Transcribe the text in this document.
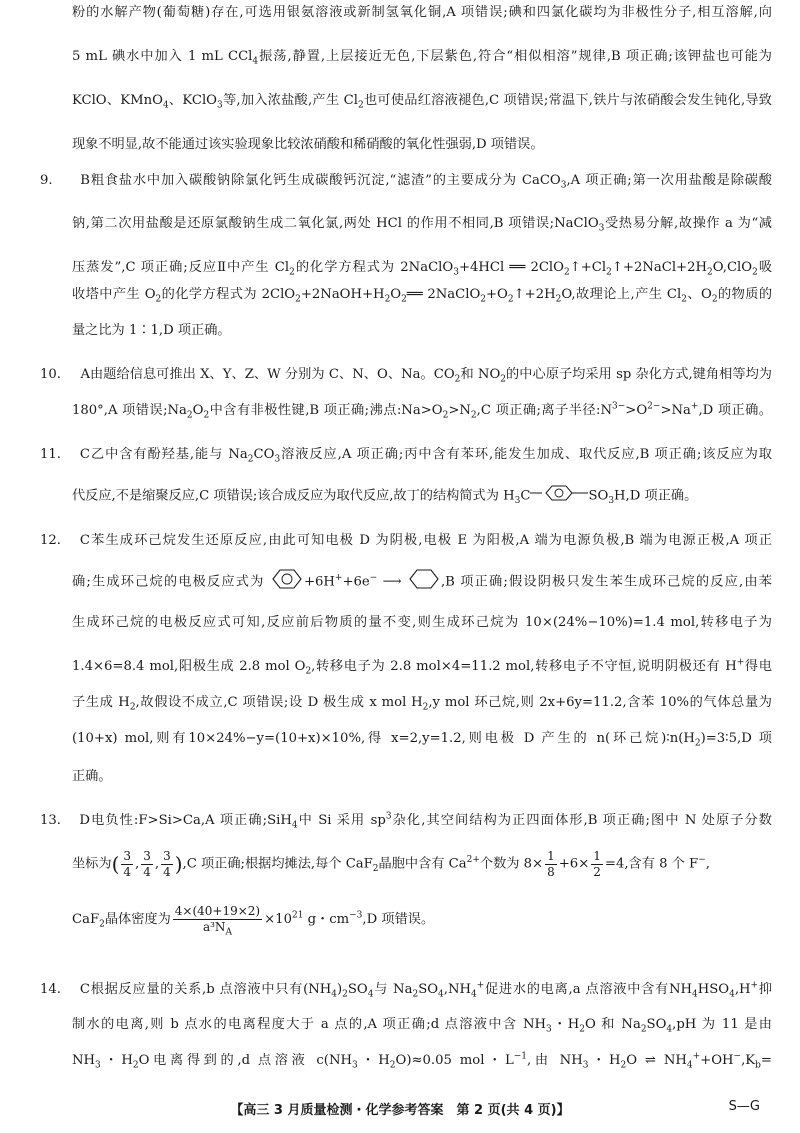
粉的水解产物(葡萄糖)存在,可选用银氨溶液或新制氢氧化铜,A 项错误;碘和四氯化碳均为非极性分子,相互溶解,向
5 mL 碘水中加入 1 mL CCl$_4$振荡,静置,上层接近无色,下层紫色,符合“相似相溶”规律,B 项正确;该钾盐也可能为
KClO、KMnO$_4$、KClO$_3$等,加入浓盐酸,产生 $Cl_2$也可使品红溶液褪色,C 项错误;常温下,铁片与浓硝酸会发生钝化,导致
现象不明显,故不能通过该实验现象比较浓硝酸和稀硝酸的氧化性强弱,D 项错误。
9. B粗食盐水中加入碳酸钠除氯化钙生成碳酸钙沉淀,“滤渣”的主要成分为 CaCO$_3$,A 项正确;第一次用盐酸是除碳酸
钠,第二次用盐酸是还原氯酸钠生成二氧化氯,两处 HCl 的作用不相同,B 项错误;NaClO$_3$受热易分解,故操作 a 为“减
压蒸发”,C 项正确;反应Ⅱ中产生 $Cl_2$的化学方程式为 2NaClO$_3$+4HCl ══ $2ClO_2↑+Cl_2↑+2NaCl+2H_2O,ClO_2$吸
收塔中产生 $O_2$的化学方程式为 $2ClO_2+2NaOH+H_2O_2══$ $2NaClO_2+O_2↑+2H_2O$,故理论上,产生 $Cl_2$、$O_2$的物质的
量之比为 1∶1,D 项正确。
10. A由题给信息可推出 X、Y、Z、W 分别为 C、N、O、Na。$CO_2$和 $NO_2$的中心原子均采用 sp 杂化方式,键角相等均为
180°,A 项错误$;Na_2O_2$中含有非极性键,B 项正确;沸点$:Na>O_2>N_2,C$ 项正确;离子半径$:N^{3-}>O^{2-}>Na^+,D$ 项正确。
11. C乙中含有酚羟基,能与 $Na_2CO_3$溶液反应,A 项正确;丙中含有苯环,能发生加成、取代反应,B 项正确;该反应为取
代反应,不是缩聚反应,C 项错误;该合成反应为取代反应,故丁的结构简式为 $H_3C$	$SO_3H,D$ 项正确。
12. C苯生成环己烷发生还原反应,由此可知电极 D 为阴极,电极 E 为阳极,A 端为电源负极,B 端为电源正极,A 项正
确;生成环己烷的电极反应式为	+6H++6e− ⟶	,B 项正确;假设阴极只发生苯生成环己烷的反应,由苯
生成环己烷的电极反应式可知,反应前后物质的量不变,则生成环己烷为 10×(24%−10%)=1.4 mol,转移电子为
1.4×6=8.4 mol,阳极生成 2.8 mol $O_2$,转移电子为 2.8 mol×4=11.2 mol,转移电子不守恒,说明阴极还有 H+得电
子生成 $H_2$,故假设不成立,C 项错误;设 D 极生成 x mol $H_2,y$ mol 环己烷,则 2x+6y=11.2,含苯 10%的气体总量为
(10+x) mol,则有10×24%−y=(10+x)×10%,得 x=2,y=1.2,则电极 D 产生的 n(环己烷)$∶n(H_2)=3∶5,D$ 项
正确。
13. D电负性:F>Si>Ca,A 项正确;SiH$_4$中 Si 采用 $sp^3$杂化,其空间结构为正四面体形,B 项正确;图中 N 处原子分数
坐标为( $\frac{3}{4}$ , $\frac{3}{4}$ , $\frac{3}{4} ),C$ 项正确;根据均摊法,每个 CaF$_2$晶胞中含有 $Ca^{2+}$个数为 $8\times \frac{1}{8} +6\times \frac{1}{2} =4$,含有 8 个 F−,
CaF$_2$晶体密度为 $\frac{4\times(40+19\times 2)}{a^3N_A} \times 10^{21}$ g・$cm^{-3},D$ 项错误。
14. C根据反应量的关系,b 点溶液中只有$(NH_4)_2SO_4$与 $Na_2SO_4,NH_4^+$促进水的电离,a 点溶液中含有$NH_4HSO_4,H^+$抑
制水的电离,则 b 点水的电离程度大于 a 点的,A 项正确;d 点溶液中含 $NH_3$・$H_2O$ 和 $Na_2SO_4,pH$ 为 11 是由
$NH_3$・$H_2O$电离得到的,d 点溶液 $c(NH_3$・$H_2O)\approx 0.05$ mol・$L^{-1}$,由 $NH_3$・$H_2O$ ⇌ $NH_4^++OH^-,K_b=$
【高三 3 月质量检测・化学参考答案　第 2 页(共 4 页)】	S—G
